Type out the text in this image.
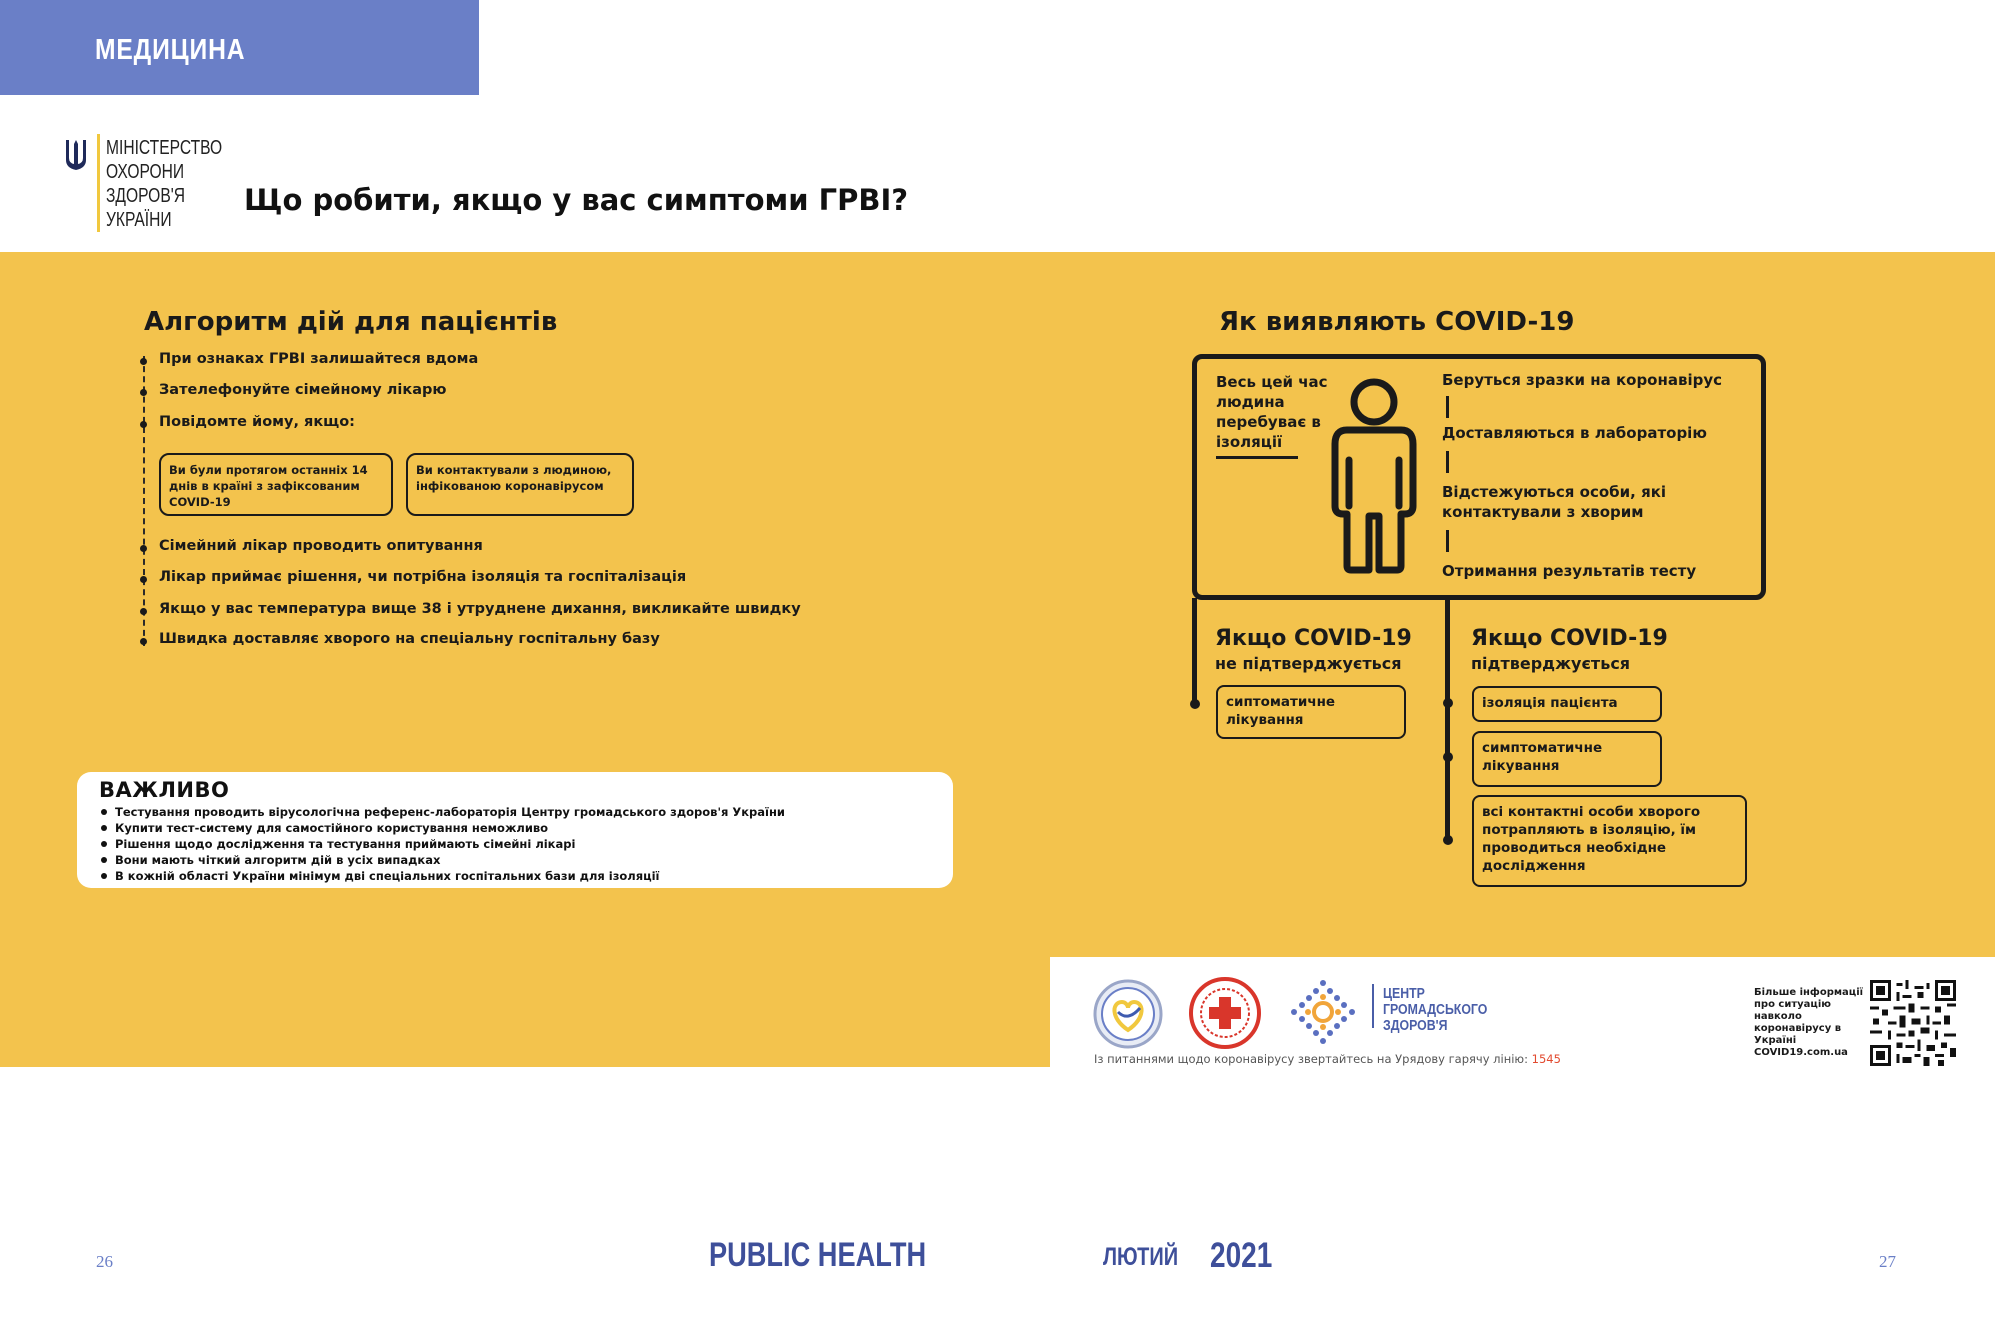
МЕДИЦИНА
МІНІСТЕРСТВО
ОХОРОНИ
ЗДОРОВ'Я
УКРАЇНИ
Що робити, якщо у вас симптоми ГРВІ?
Алгоритм дій для пацієнтів
При ознаках ГРВІ залишайтеся вдома
Зателефонуйте сімейному лікарю
Повідомте йому, якщо:
Ви були протягом останніх 14 днів в країні з зафіксованим COVID-19
Ви контактували з людиною, інфікованою коронавірусом
Сімейний лікар проводить опитування
Лікар приймає рішення, чи потрібна ізоляція та госпіталізація
Якщо у вас температура вище 38 і утруднене дихання, викликайте швидку
Швидка доставляє хворого на спеціальну госпітальну базу
ВАЖЛИВО
Тестування проводить вірусологічна референс-лабораторія Центру громадського здоров'я України
Купити тест-систему для самостійного користування неможливо
Рішення щодо дослідження та тестування приймають сімейні лікарі
Вони мають чіткий алгоритм дій в усіх випадках
В кожній області України мінімум дві спеціальних госпітальних бази для ізоляції
Як виявляють COVID-19
Весь цей час людина перебуває в ізоляції
Беруться зразки на коронавірус
Доставляються в лабораторію
Відстежуються особи, які контактували з хворим
Отримання результатів тесту
Якщо COVID-19
не підтверджується
сиптоматичне лікування
Якщо COVID-19
підтверджується
ізоляція пацієнта
симптоматичне лікування
всі контактні особи хворого потрапляють в ізоляцію, їм проводиться необхідне дослідження
ЦЕНТР
ГРОМАДСЬКОГО
ЗДОРОВ'Я
Із питаннями щодо коронавірусу звертайтесь на Урядову гарячу лінію: 1545
Більше інформації про ситуацію навколо коронавірусу в Україні COVID19.com.ua
26	PUBLIC HEALTH	ЛЮТИЙ 2021	27
